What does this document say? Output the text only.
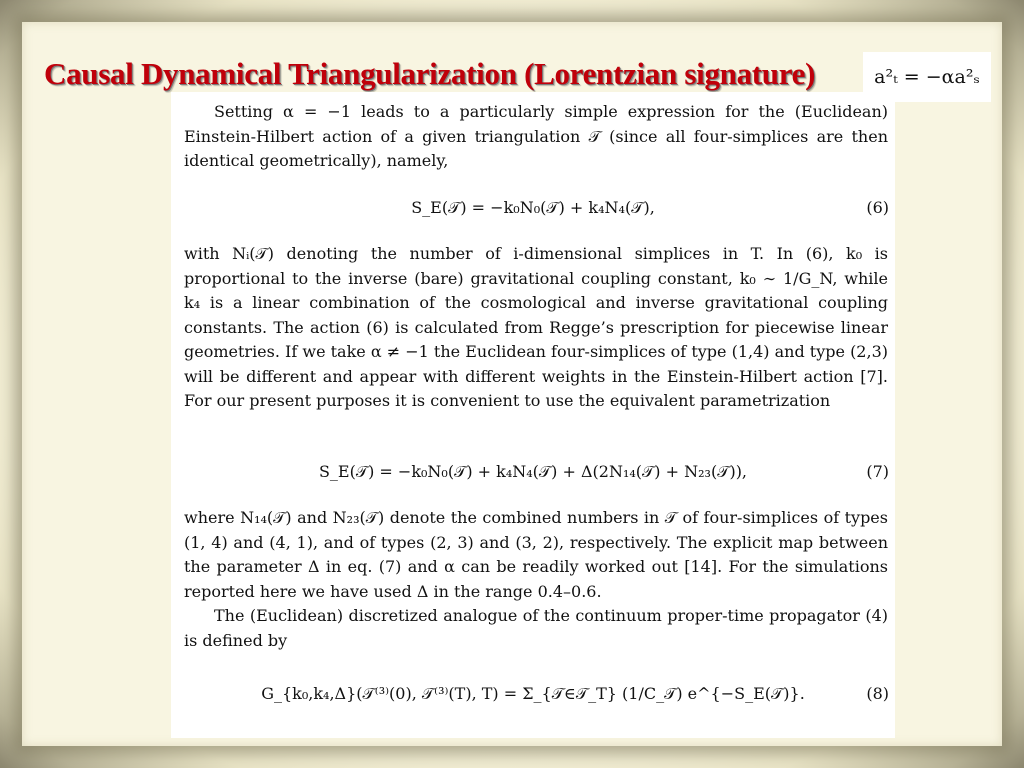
Causal Dynamical Triangularization (Lorentzian signature)	a²ₜ = −αa²ₛ

Setting α = −1 leads to a particularly simple expression for the (Euclidean) Einstein-Hilbert action of a given triangulation 𝒯 (since all four-simplices are then identical geometrically), namely,

S_E(𝒯) = −k₀N₀(𝒯) + k₄N₄(𝒯),	(6)

with Nᵢ(𝒯) denoting the number of i-dimensional simplices in T. In (6), k₀ is proportional to the inverse (bare) gravitational coupling constant, k₀ ∼ 1/G_N, while k₄ is a linear combination of the cosmological and inverse gravitational coupling constants. The action (6) is calculated from Regge’s prescription for piecewise linear geometries. If we take α ≠ −1 the Euclidean four-simplices of type (1,4) and type (2,3) will be different and appear with different weights in the Einstein-Hilbert action [7]. For our present purposes it is convenient to use the equivalent parametrization

S_E(𝒯) = −k₀N₀(𝒯) + k₄N₄(𝒯) + Δ(2N₁₄(𝒯) + N₂₃(𝒯)),	(7)

where N₁₄(𝒯) and N₂₃(𝒯) denote the combined numbers in 𝒯 of four-simplices of types (1, 4) and (4, 1), and of types (2, 3) and (3, 2), respectively. The explicit map between the parameter Δ in eq. (7) and α can be readily worked out [14]. For the simulations reported here we have used Δ in the range 0.4–0.6.

The (Euclidean) discretized analogue of the continuum proper-time propagator (4) is defined by

G_{k₀,k₄,Δ}(𝒯⁽³⁾(0), 𝒯⁽³⁾(T), T) = Σ_{𝒯∈𝒯_T} (1/C_𝒯) e^{−S_E(𝒯)}.	(8)
